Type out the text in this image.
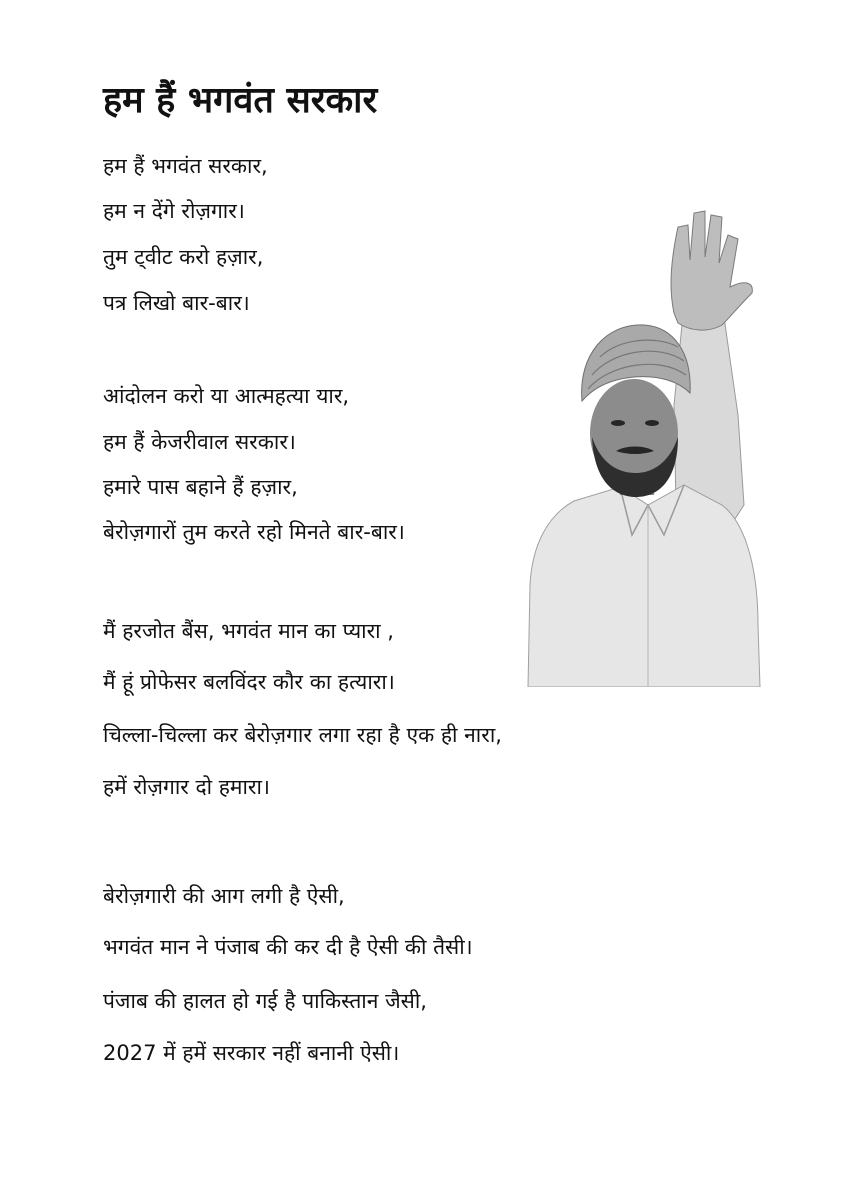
हम हैं भगवंत सरकार
हम हैं भगवंत सरकार,
हम न देंगे रोज़गार।
तुम ट्वीट करो हज़ार,
पत्र लिखो बार-बार।
आंदोलन करो या आत्महत्या यार,
हम हैं केजरीवाल सरकार।
हमारे पास बहाने हैं हज़ार,
बेरोज़गारों तुम करते रहो मिनते बार-बार।
मैं हरजोत बैंस, भगवंत मान का प्यारा ,
मैं हूं प्रोफेसर बलविंदर कौर का हत्यारा।
चिल्ला-चिल्ला कर बेरोज़गार लगा रहा है एक ही नारा,
हमें रोज़गार दो हमारा।
बेरोज़गारी की आग लगी है ऐसी,
भगवंत मान ने पंजाब की कर दी है ऐसी की तैसी।
पंजाब की हालत हो गई है पाकिस्तान जैसी,
2027 में हमें सरकार नहीं बनानी ऐसी।
